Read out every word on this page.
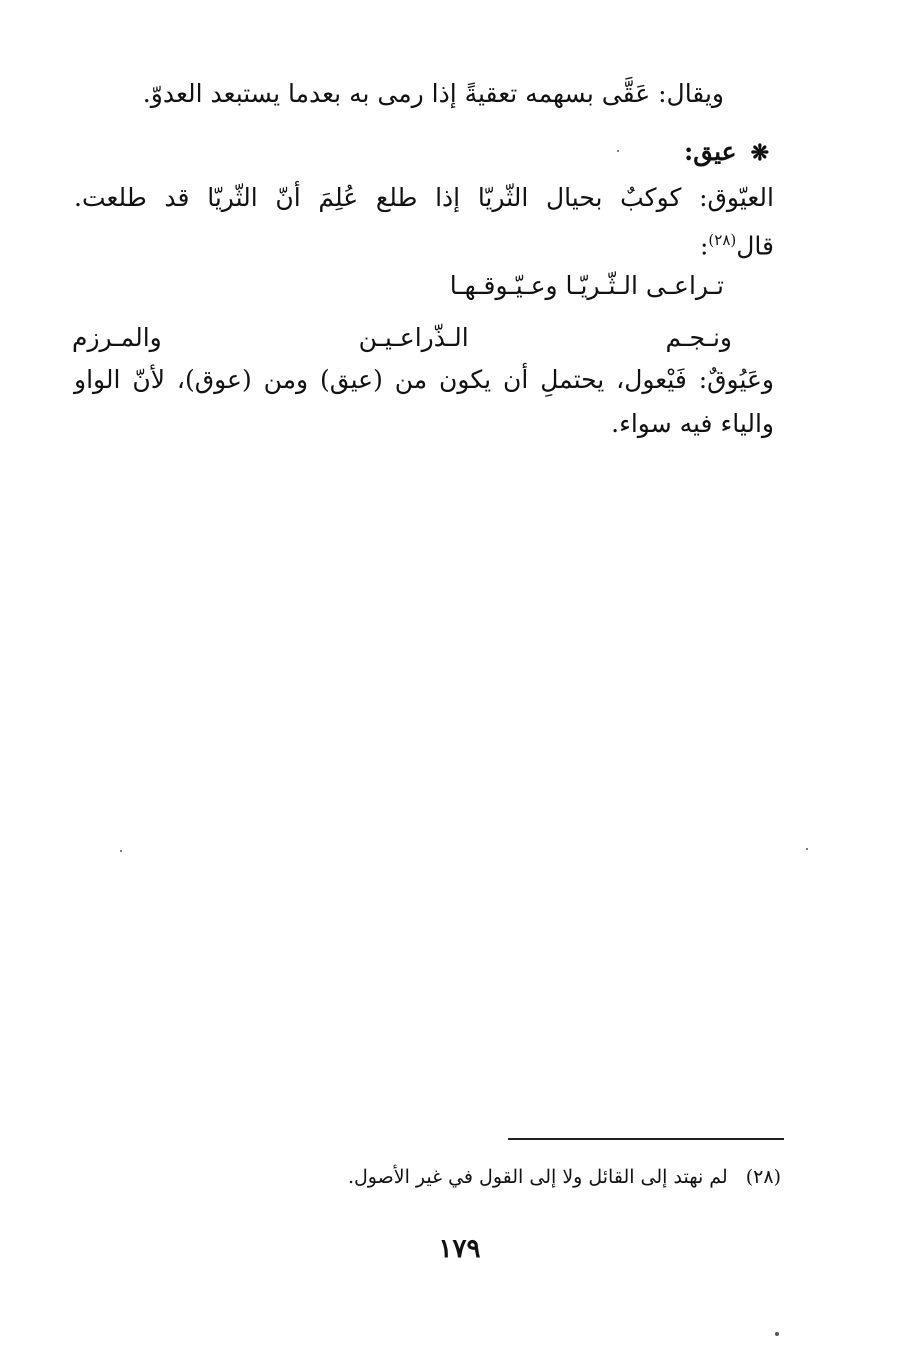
ويقال: عَقَّى بسهمه تعقيةً إذا رمى به بعدما يستبعد العدوّ.
❋عيق:
العيّوق: كوكبٌ بحيال الثّريّا إذا طلع عُلِمَ أنّ الثّريّا قد طلعت.
قال$^{(٢٨)}$:
تـراعـى الـثّـريّـا وعـيّـوقـهـا
ونـجـم
الـذّراعـيـن
والمـرزم
وعَيُوقٌ: فَيْعول، يحتملِ أن يكون من (عيق) ومن (عوق)، لأنّ الواو
والياء فيه سواء.
(٢٨)لم نهتد إلى القائل ولا إلى القول في غير الأصول.
١٧٩
